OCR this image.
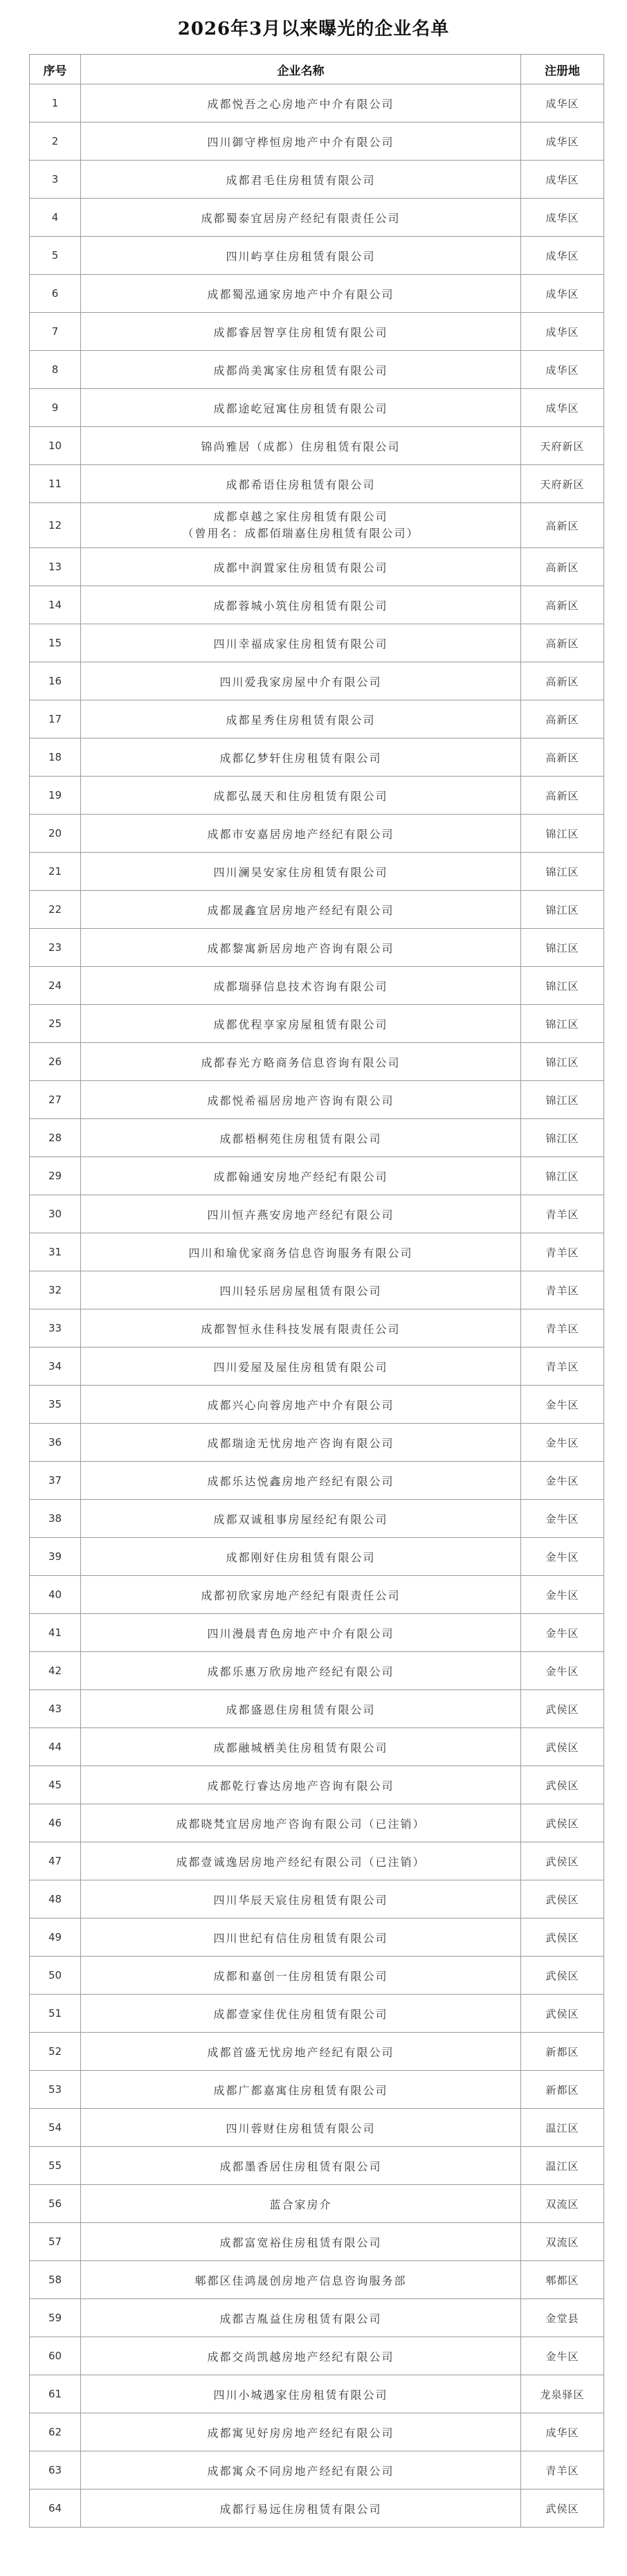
2026年3月以来曝光的企业名单
序号	企业名称	注册地
1	成都悦吾之心房地产中介有限公司	成华区
2	四川御守桦恒房地产中介有限公司	成华区
3	成都君毛住房租赁有限公司	成华区
4	成都蜀泰宜居房产经纪有限责任公司	成华区
5	四川屿享住房租赁有限公司	成华区
6	成都蜀泓通家房地产中介有限公司	成华区
7	成都睿居智享住房租赁有限公司	成华区
8	成都尚美寓家住房租赁有限公司	成华区
9	成都途屹冠寓住房租赁有限公司	成华区
10	锦尚雅居（成都）住房租赁有限公司	天府新区
11	成都希语住房租赁有限公司	天府新区
12	成都卓越之家住房租赁有限公司
（曾用名：成都佰瑞嘉住房租赁有限公司）	高新区
13	成都中润置家住房租赁有限公司	高新区
14	成都蓉城小筑住房租赁有限公司	高新区
15	四川幸福成家住房租赁有限公司	高新区
16	四川爱我家房屋中介有限公司	高新区
17	成都星秀住房租赁有限公司	高新区
18	成都亿梦轩住房租赁有限公司	高新区
19	成都弘晟天和住房租赁有限公司	高新区
20	成都市安嘉居房地产经纪有限公司	锦江区
21	四川澜昊安家住房租赁有限公司	锦江区
22	成都晟鑫宜居房地产经纪有限公司	锦江区
23	成都黎寓新居房地产咨询有限公司	锦江区
24	成都瑞驿信息技术咨询有限公司	锦江区
25	成都优程享家房屋租赁有限公司	锦江区
26	成都春光方略商务信息咨询有限公司	锦江区
27	成都悦希福居房地产咨询有限公司	锦江区
28	成都梧桐苑住房租赁有限公司	锦江区
29	成都翰通安房地产经纪有限公司	锦江区
30	四川恒卉燕安房地产经纪有限公司	青羊区
31	四川和瑜优家商务信息咨询服务有限公司	青羊区
32	四川轻乐居房屋租赁有限公司	青羊区
33	成都智恒永佳科技发展有限责任公司	青羊区
34	四川爱屋及屋住房租赁有限公司	青羊区
35	成都兴心向蓉房地产中介有限公司	金牛区
36	成都瑞途无忧房地产咨询有限公司	金牛区
37	成都乐达悦鑫房地产经纪有限公司	金牛区
38	成都双诚租事房屋经纪有限公司	金牛区
39	成都刚好住房租赁有限公司	金牛区
40	成都初欣家房地产经纪有限责任公司	金牛区
41	四川漫晨青色房地产中介有限公司	金牛区
42	成都乐惠万欣房地产经纪有限公司	金牛区
43	成都盛恩住房租赁有限公司	武侯区
44	成都融城栖美住房租赁有限公司	武侯区
45	成都乾行睿达房地产咨询有限公司	武侯区
46	成都晓梵宜居房地产咨询有限公司（已注销）	武侯区
47	成都壹诚逸居房地产经纪有限公司（已注销）	武侯区
48	四川华辰天宸住房租赁有限公司	武侯区
49	四川世纪有信住房租赁有限公司	武侯区
50	成都和嘉创一住房租赁有限公司	武侯区
51	成都壹家佳优住房租赁有限公司	武侯区
52	成都首盛无忧房地产经纪有限公司	新都区
53	成都广都嘉寓住房租赁有限公司	新都区
54	四川蓉财住房租赁有限公司	温江区
55	成都墨香居住房租赁有限公司	温江区
56	蓝合家房介	双流区
57	成都富宽裕住房租赁有限公司	双流区
58	郫都区佳鸿晟创房地产信息咨询服务部	郫都区
59	成都吉胤益住房租赁有限公司	金堂县
60	成都交尚凯越房地产经纪有限公司	金牛区
61	四川小城遇家住房租赁有限公司	龙泉驿区
62	成都寓见好房房地产经纪有限公司	成华区
63	成都寓众不同房地产经纪有限公司	青羊区
64	成都行易远住房租赁有限公司	武侯区
